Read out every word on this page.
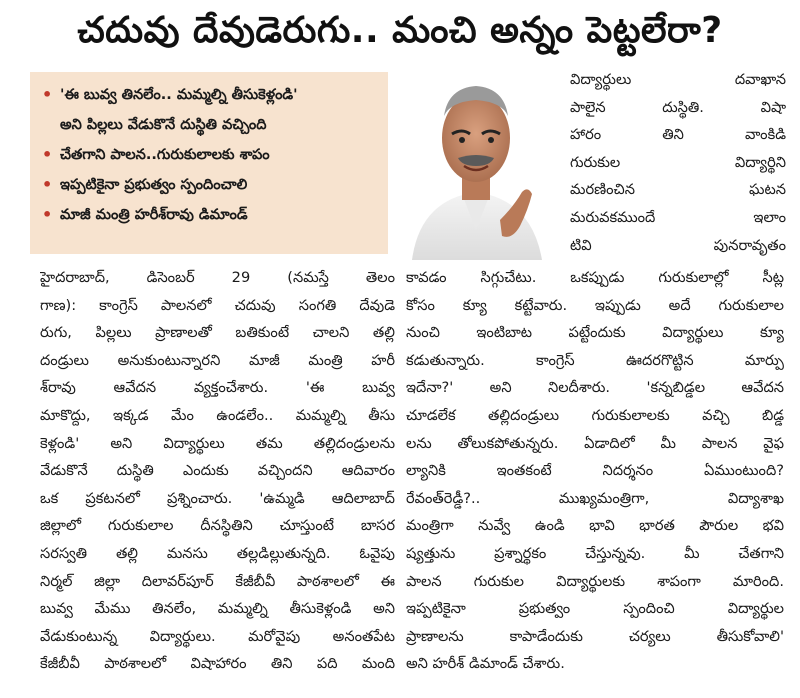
చదువు దేవుడెరుగు.. మంచి అన్నం పెట్టలేరా?
• 'ఈ బువ్వ తినలేం.. మమ్మల్ని తీసుకెళ్లండి'
అని పిల్లలు వేడుకొనే దుస్థితి వచ్చింది
• చేతగాని పాలన..గురుకులాలకు శాపం
• ఇప్పటికైనా ప్రభుత్వం స్పందించాలి
• మాజీ మంత్రి హరీశ్‌రావు డిమాండ్
విద్యార్థులు దవాఖాన
పాలైన దుస్థితి. విషా
హారం తిని వాంకిడి
గురుకుల విద్యార్థిని
మరణించిన ఘటన
మరువకముందే ఇలాం
టివి పునరావృతం
హైదరాబాద్, డిసెంబర్ 29 (నమస్తే తెలం
గాణ): కాంగ్రెస్ పాలనలో చదువు సంగతి దేవుడె
రుగు, పిల్లలు ప్రాణాలతో బతికుంటే చాలని తల్లి
దండ్రులు అనుకుంటున్నారని మాజీ మంత్రి హరీ
శ్‌రావు ఆవేదన వ్యక్తంచేశారు. 'ఈ బువ్వ
మాకొద్దు, ఇక్కడ మేం ఉండలేం.. మమ్మల్ని తీసు
కెళ్లండి' అని విద్యార్థులు తమ తల్లిదండ్రులను
వేడుకొనే దుస్థితి ఎందుకు వచ్చిందని ఆదివారం
ఒక ప్రకటనలో ప్రశ్నించారు. 'ఉమ్మడి ఆదిలాబాద్
జిల్లాలో గురుకులాల దీనస్థితిని చూస్తుంటే బాసర
సరస్వతి తల్లి మనసు తల్లడిల్లుతున్నది. ఓవైపు
నిర్మల్ జిల్లా దిలావర్‌పూర్ కేజీబీవీ పాఠశాలలో ఈ
బువ్వ మేము తినలేం, మమ్మల్ని తీసుకెళ్లండి అని
వేడుకుంటున్న విద్యార్థులు. మరోవైపు అనంతపేట
కేజీబీవీ పాఠశాలలో విషాహారం తిని పది మంది
కావడం సిగ్గుచేటు. ఒకప్పుడు గురుకులాల్లో సీట్ల
కోసం క్యూ కట్టేవారు. ఇప్పుడు అదే గురుకులాల
నుంచి ఇంటిబాట పట్టేందుకు విద్యార్థులు క్యూ
కడుతున్నారు. కాంగ్రెస్ ఊదరగొట్టిన మార్పు
ఇదేనా?' అని నిలదీశారు. 'కన్నబిడ్డల ఆవేదన
చూడలేక తల్లిదండ్రులు గురుకులాలకు వచ్చి బిడ్డ
లను తోలుకపోతున్నరు. ఏడాదిలో మీ పాలన వైఫ
ల్యానికి ఇంతకంటే నిదర్శనం ఏముంటుంది?
రేవంత్‌రెడ్డీ?.. ముఖ్యమంత్రిగా, విద్యాశాఖ
మంత్రిగా నువ్వే ఉండి భావి భారత పౌరుల భవి
ష్యత్తును ప్రశ్నార్థకం చేస్తున్నవు. మీ చేతగాని
పాలన గురుకుల విద్యార్థులకు శాపంగా మారింది.
ఇప్పటికైనా ప్రభుత్వం స్పందించి విద్యార్థుల
ప్రాణాలను కాపాడేందుకు చర్యలు తీసుకోవాలి'
అని హరీశ్ డిమాండ్ చేశారు.
